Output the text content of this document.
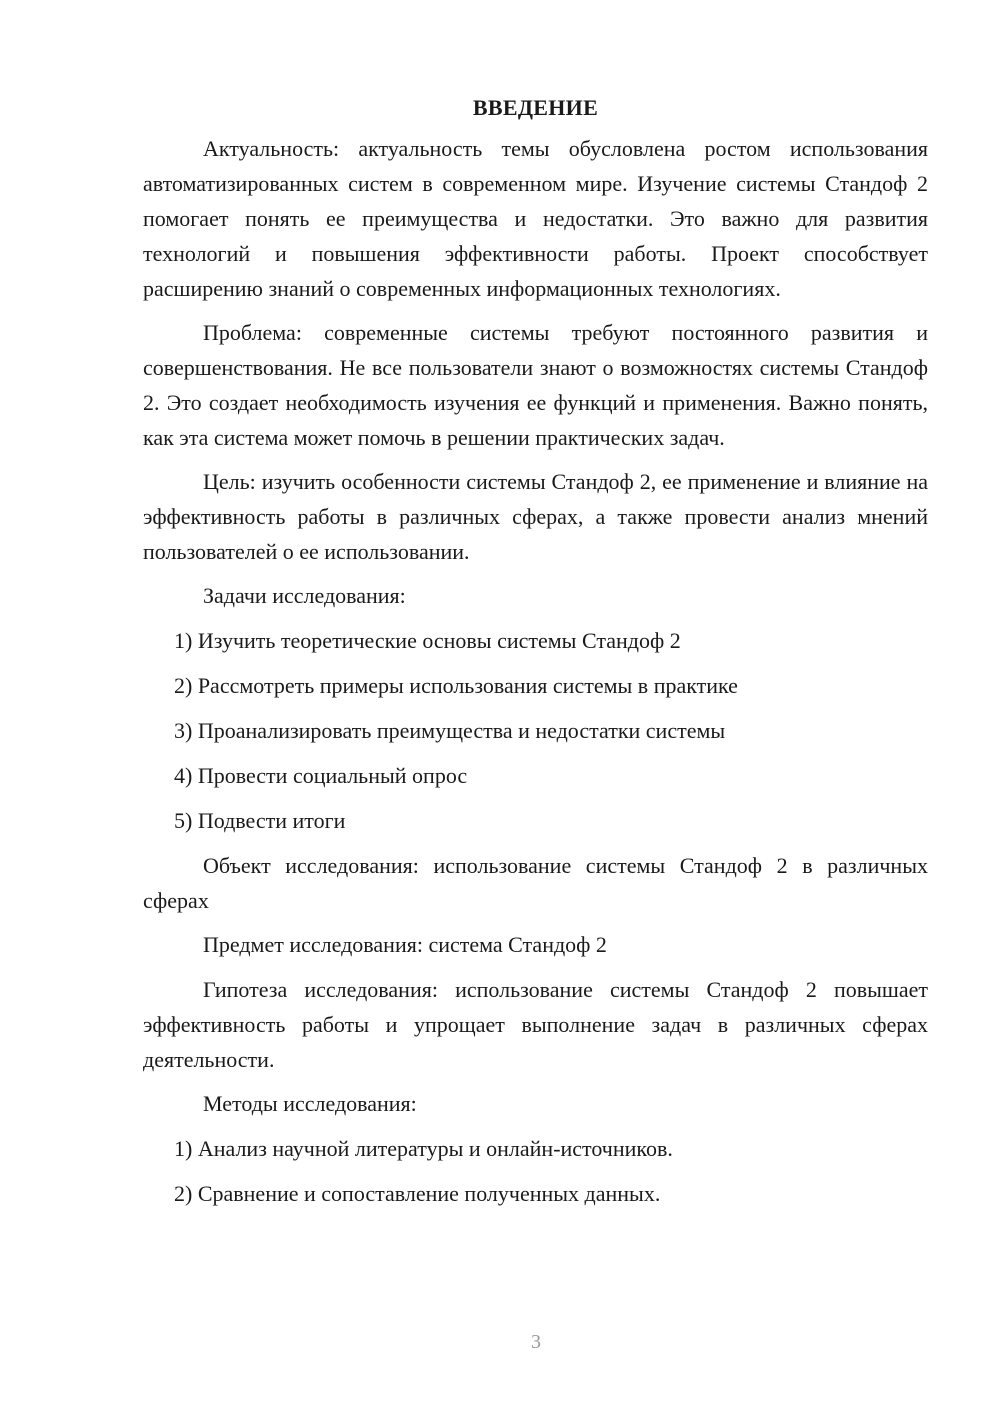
ВВЕДЕНИЕ

Актуальность: актуальность темы обусловлена ростом использования автоматизированных систем в современном мире. Изучение системы Стандоф 2 помогает понять ее преимущества и недостатки. Это важно для развития технологий и повышения эффективности работы. Проект способствует расширению знаний о современных информационных технологиях.

Проблема: современные системы требуют постоянного развития и совершенствования. Не все пользователи знают о возможностях системы Стандоф 2. Это создает необходимость изучения ее функций и применения. Важно понять, как эта система может помочь в решении практических задач.

Цель: изучить особенности системы Стандоф 2, ее применение и влияние на эффективность работы в различных сферах, а также провести анализ мнений пользователей о ее использовании.

Задачи исследования:

1) Изучить теоретические основы системы Стандоф 2
2) Рассмотреть примеры использования системы в практике
3) Проанализировать преимущества и недостатки системы
4) Провести социальный опрос
5) Подвести итоги

Объект исследования: использование системы Стандоф 2 в различных сферах

Предмет исследования: система Стандоф 2

Гипотеза исследования: использование системы Стандоф 2 повышает эффективность работы и упрощает выполнение задач в различных сферах деятельности.

Методы исследования:

1) Анализ научной литературы и онлайн-источников.
2) Сравнение и сопоставление полученных данных.
3
